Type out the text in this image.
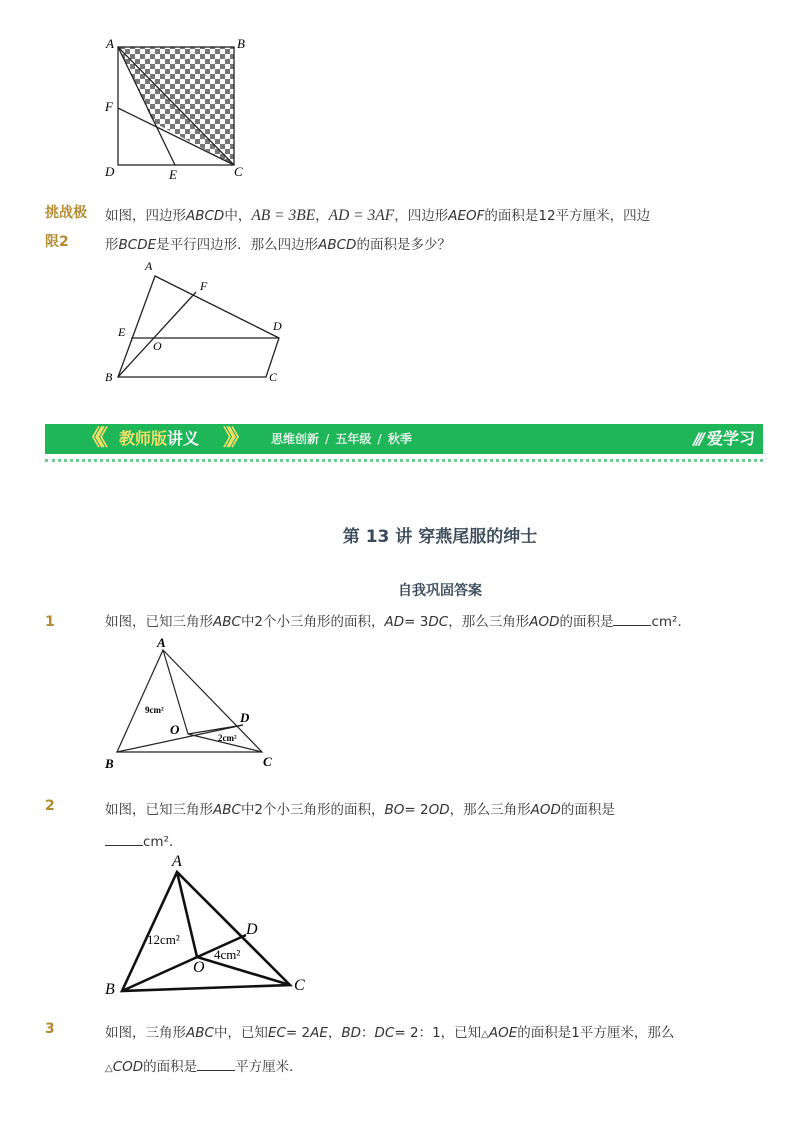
A	B
F
D	E	C
挑战极
限2
如图，四边形ABCD中，AB = 3BE，AD = 3AF，四边形AEOF的面积是12平方厘米，四边
形BCDE是平行四边形．那么四边形ABCD的面积是多少？
A
F
D
E
O
B	C
《《 教师版讲义 》》 思维创新 / 五年级 / 秋季	/// 爱学习
第 13 讲 穿燕尾服的绅士
自我巩固答案
1	如图，已知三角形ABC中2个小三角形的面积，AD= 3DC，那么三角形AOD的面积是	cm²．
A
D
O
B	C
9cm²
2cm²
2	如图，已知三角形ABC中2个小三角形的面积，BO= 2OD，那么三角形AOD的面积是
cm²．
A
D
O
B	C
12cm²
4cm²
3	如图，三角形ABC中，已知EC= 2AE，BD：DC= 2：1，已知△AOE的面积是1平方厘米，那么
△COD的面积是	平方厘米．
